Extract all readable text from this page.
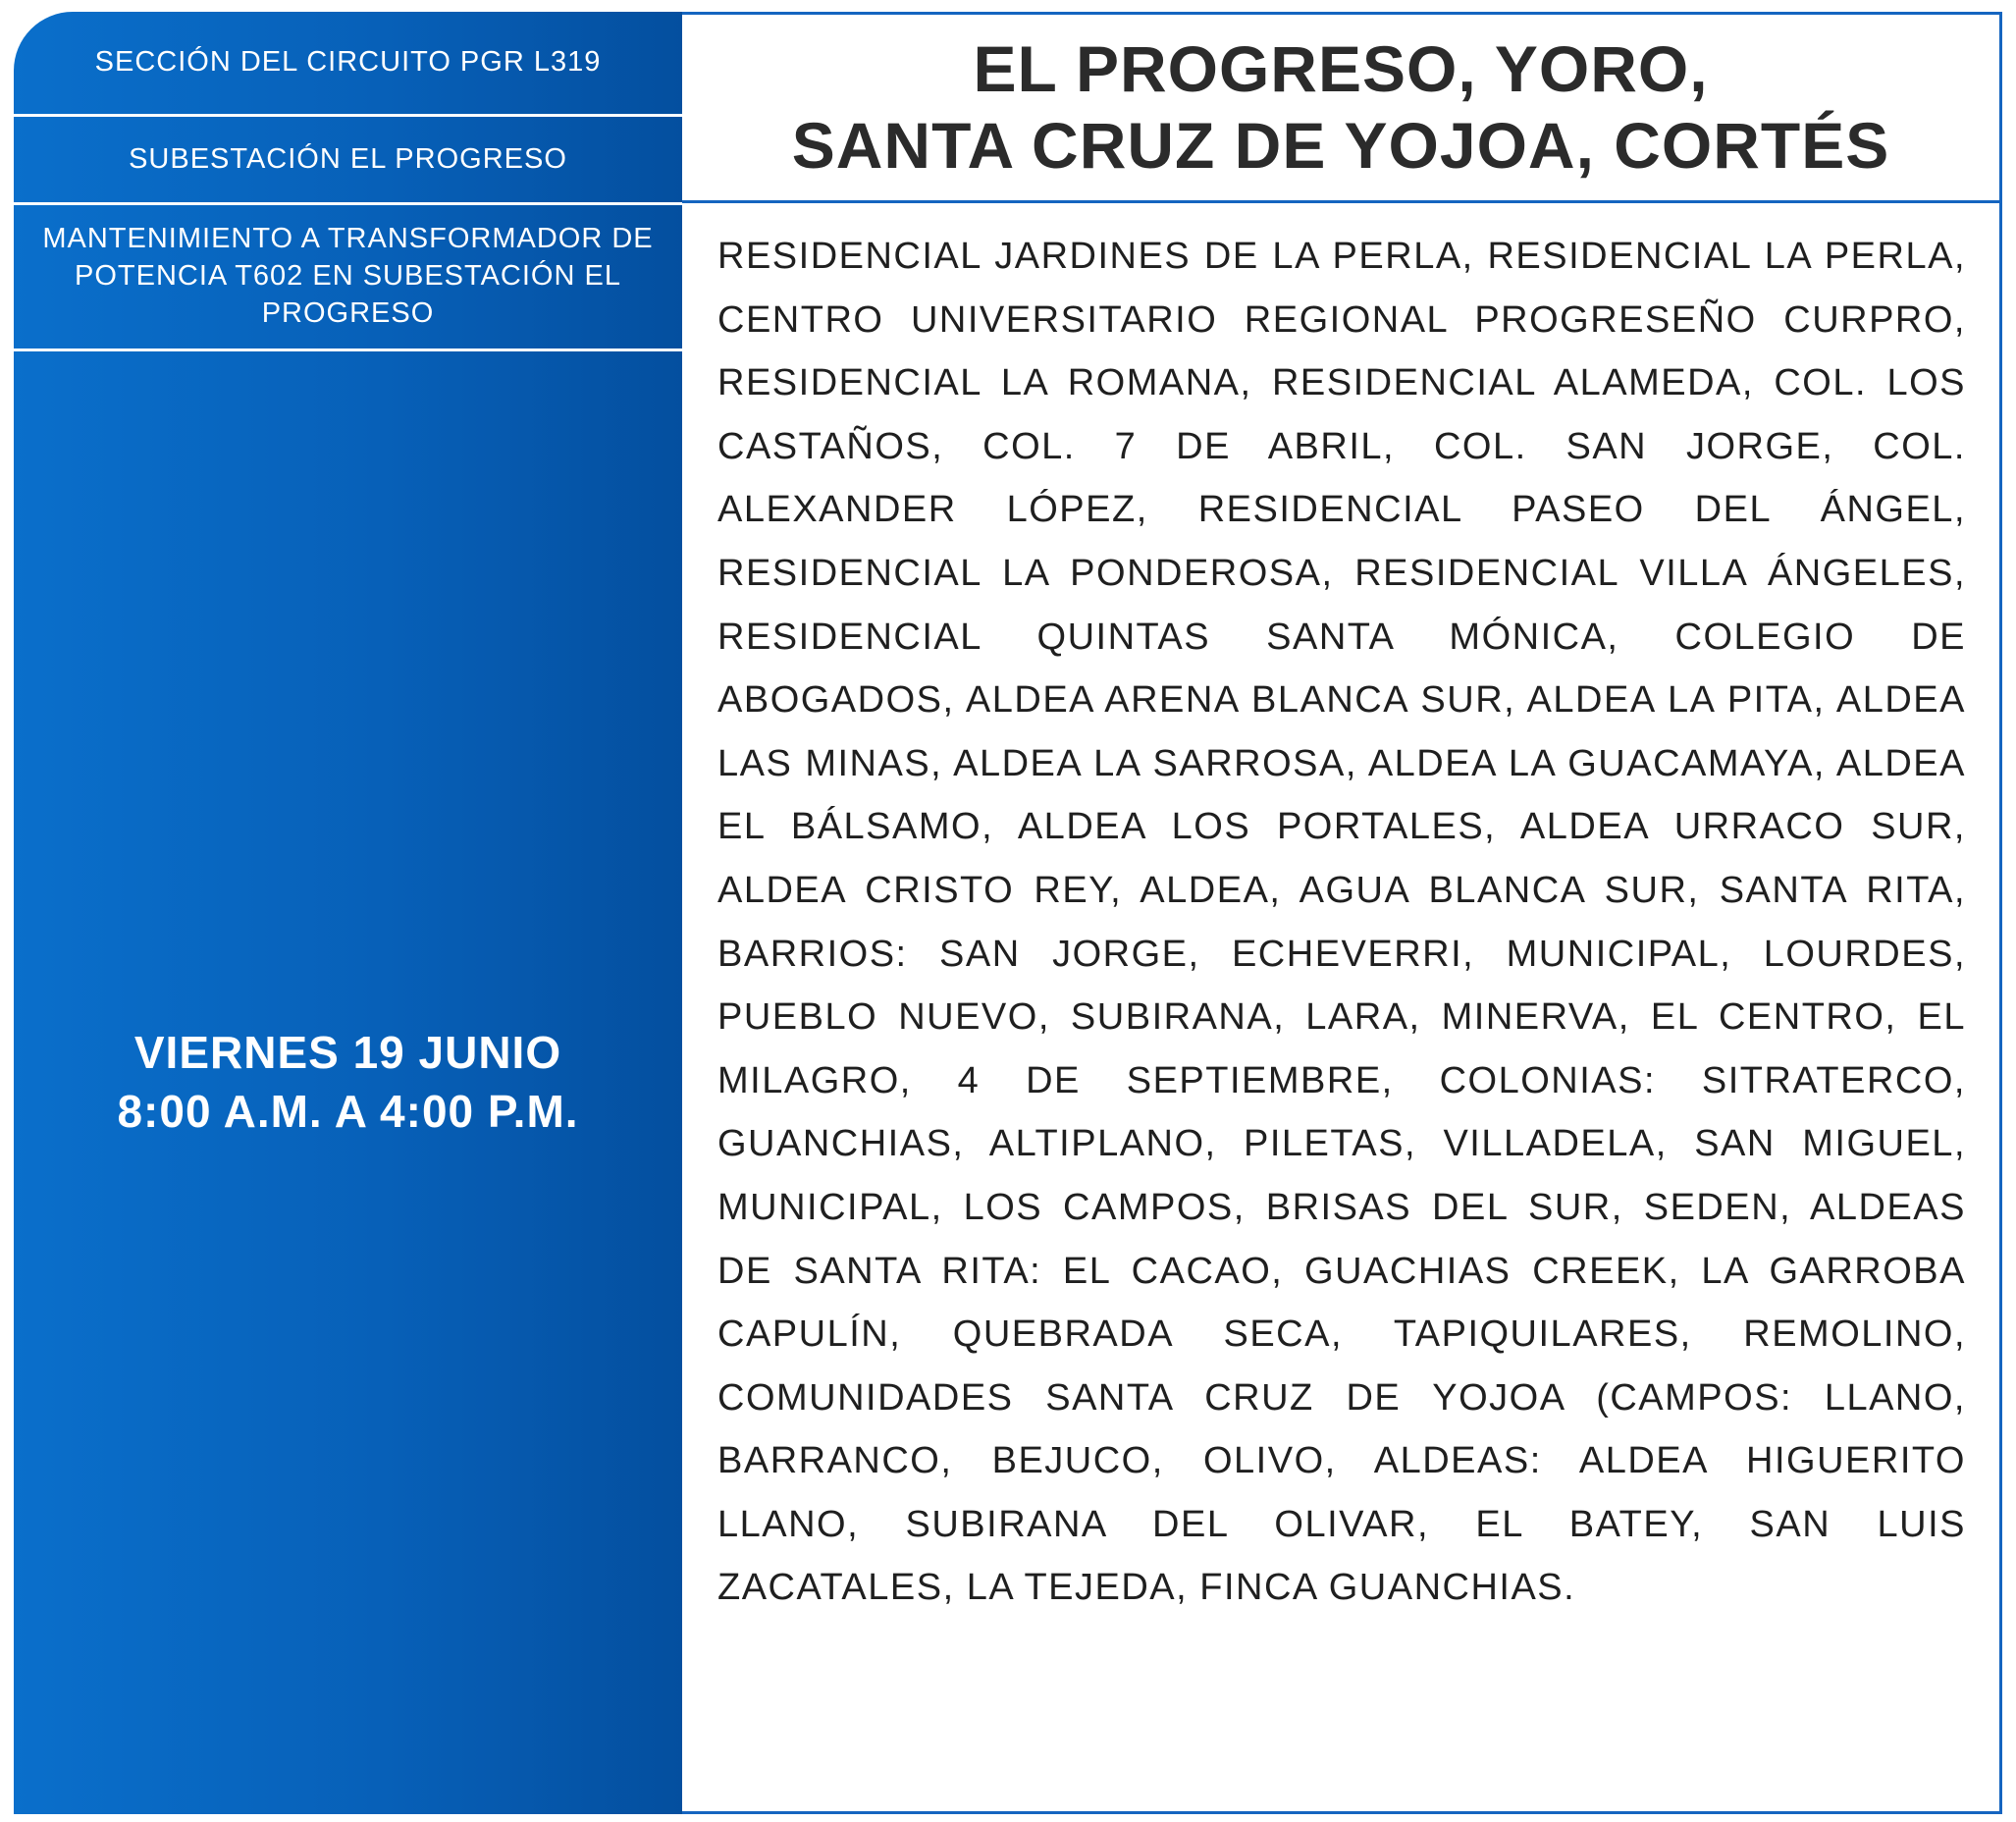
SECCIÓN DEL CIRCUITO PGR L319
SUBESTACIÓN EL PROGRESO
MANTENIMIENTO A TRANSFORMADOR DE POTENCIA T602 EN SUBESTACIÓN EL PROGRESO
VIERNES 19 JUNIO
8:00 A.M. A 4:00 P.M.
EL PROGRESO, YORO,
SANTA CRUZ DE YOJOA, CORTÉS
RESIDENCIAL JARDINES DE LA PERLA, RESIDENCIAL LA PERLA, CENTRO UNIVERSITARIO REGIONAL PROGRESEÑO CURPRO, RESIDENCIAL LA ROMANA, RESIDENCIAL ALAMEDA, COL. LOS CASTAÑOS, COL. 7 DE ABRIL, COL. SAN JORGE, COL. ALEXANDER LÓPEZ, RESIDENCIAL PASEO DEL ÁNGEL, RESIDENCIAL LA PONDEROSA, RESIDENCIAL VILLA ÁNGELES, RESIDENCIAL QUINTAS SANTA MÓNICA, COLEGIO DE ABOGADOS, ALDEA ARENA BLANCA SUR, ALDEA LA PITA, ALDEA LAS MINAS, ALDEA LA SARROSA, ALDEA LA GUACAMAYA, ALDEA EL BÁLSAMO, ALDEA LOS PORTALES, ALDEA URRACO SUR, ALDEA CRISTO REY, ALDEA, AGUA BLANCA SUR, SANTA RITA, BARRIOS: SAN JORGE, ECHEVERRI, MUNICIPAL, LOURDES, PUEBLO NUEVO, SUBIRANA, LARA, MINERVA, EL CENTRO, EL MILAGRO, 4 DE SEPTIEMBRE, COLONIAS: SITRATERCO, GUANCHIAS, ALTIPLANO, PILETAS, VILLADELA, SAN MIGUEL, MUNICIPAL, LOS CAMPOS, BRISAS DEL SUR, SEDEN, ALDEAS DE SANTA RITA: EL CACAO, GUACHIAS CREEK, LA GARROBA CAPULÍN, QUEBRADA SECA, TAPIQUILARES, REMOLINO, COMUNIDADES SANTA CRUZ DE YOJOA (CAMPOS: LLANO, BARRANCO, BEJUCO, OLIVO, ALDEAS: ALDEA HIGUERITO LLANO, SUBIRANA DEL OLIVAR, EL BATEY, SAN LUIS ZACATALES, LA TEJEDA, FINCA GUANCHIAS.
